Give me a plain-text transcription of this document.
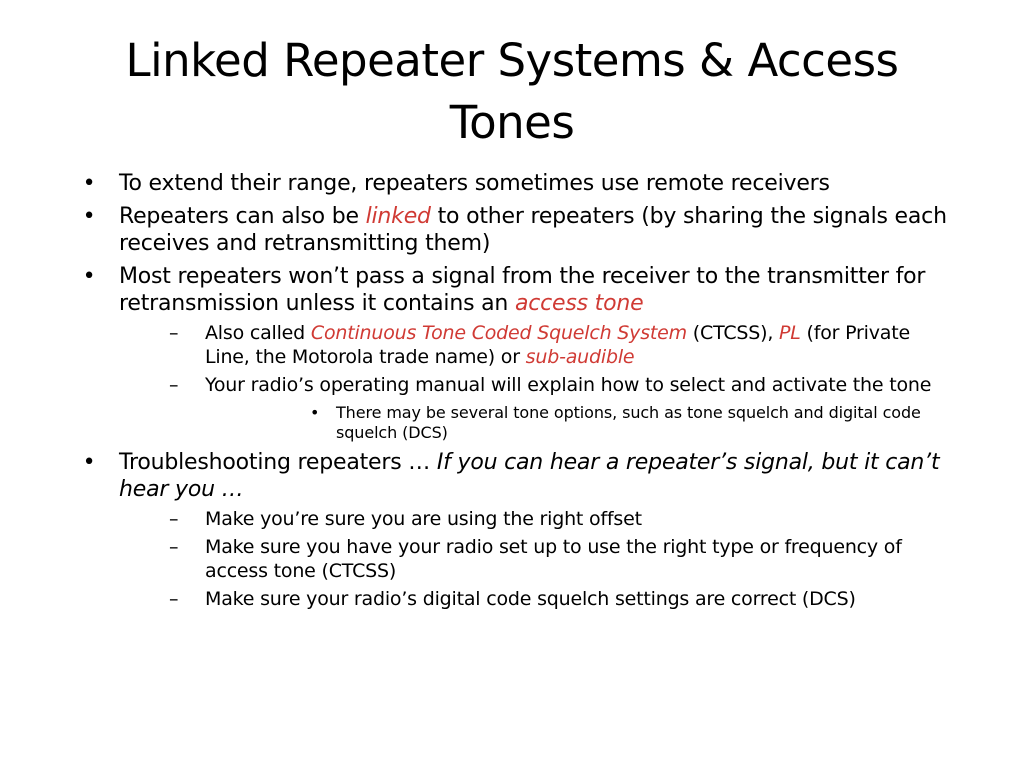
Linked Repeater Systems & Access Tones
• To extend their range, repeaters sometimes use remote receivers
• Repeaters can also be linked to other repeaters (by sharing the signals each receives and retransmitting them)
• Most repeaters won’t pass a signal from the receiver to the transmitter for retransmission unless it contains an access tone
– Also called Continuous Tone Coded Squelch System (CTCSS), PL (for Private Line, the Motorola trade name) or sub-audible
– Your radio’s operating manual will explain how to select and activate the tone
• There may be several tone options, such as tone squelch and digital code squelch (DCS)
• Troubleshooting repeaters … If you can hear a repeater’s signal, but it can’t hear you …
– Make you’re sure you are using the right offset
– Make sure you have your radio set up to use the right type or frequency of access tone (CTCSS)
– Make sure your radio’s digital code squelch settings are correct (DCS)
